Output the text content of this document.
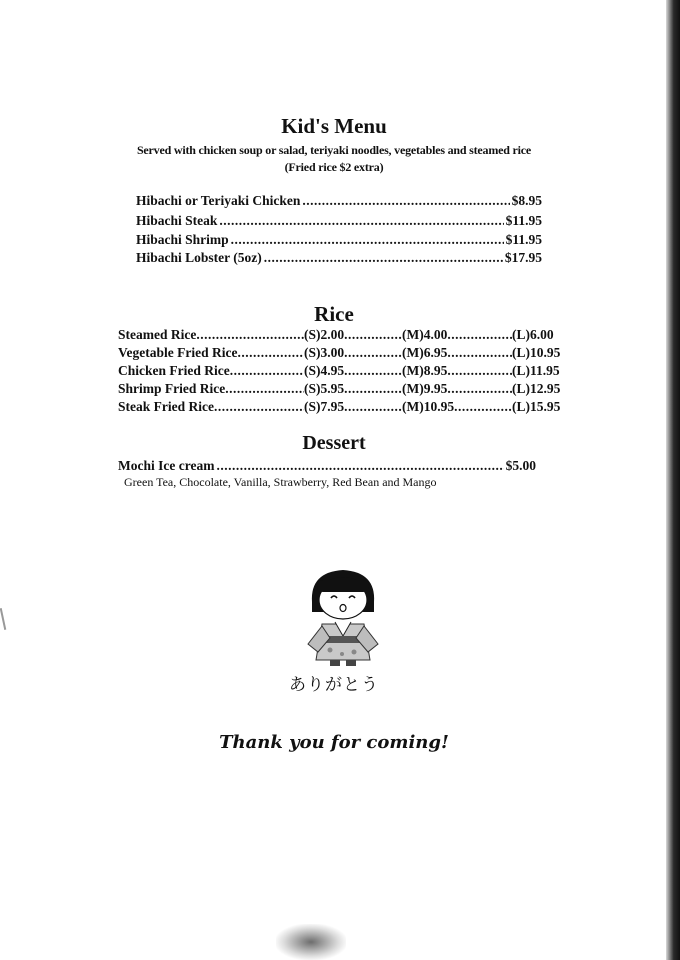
Kid's Menu
Served with chicken soup or salad, teriyaki noodles, vegetables and steamed rice
(Fried rice $2 extra)
Hibachi or Teriyaki Chicken .....	$8.95
Hibachi Steak .....	$11.95
Hibachi Shrimp .....	$11.95
Hibachi Lobster (5oz) .....	$17.95
Rice
Steamed Rice .....	(S)2.00 .....	(M)4.00 .....	(L)6.00
Vegetable Fried Rice .....	(S)3.00 .....	(M)6.95 .....	(L)10.95
Chicken Fried Rice .....	(S)4.95 .....	(M)8.95 .....	(L)11.95
Shrimp Fried Rice .....	(S)5.95 .....	(M)9.95 .....	(L)12.95
Steak Fried Rice .....	(S)7.95 .....	(M)10.95 .....	(L)15.95
Dessert
Mochi Ice cream .....	$5.00
Green Tea, Chocolate, Vanilla, Strawberry, Red Bean and Mango
ありがとう
Thank you for coming!
